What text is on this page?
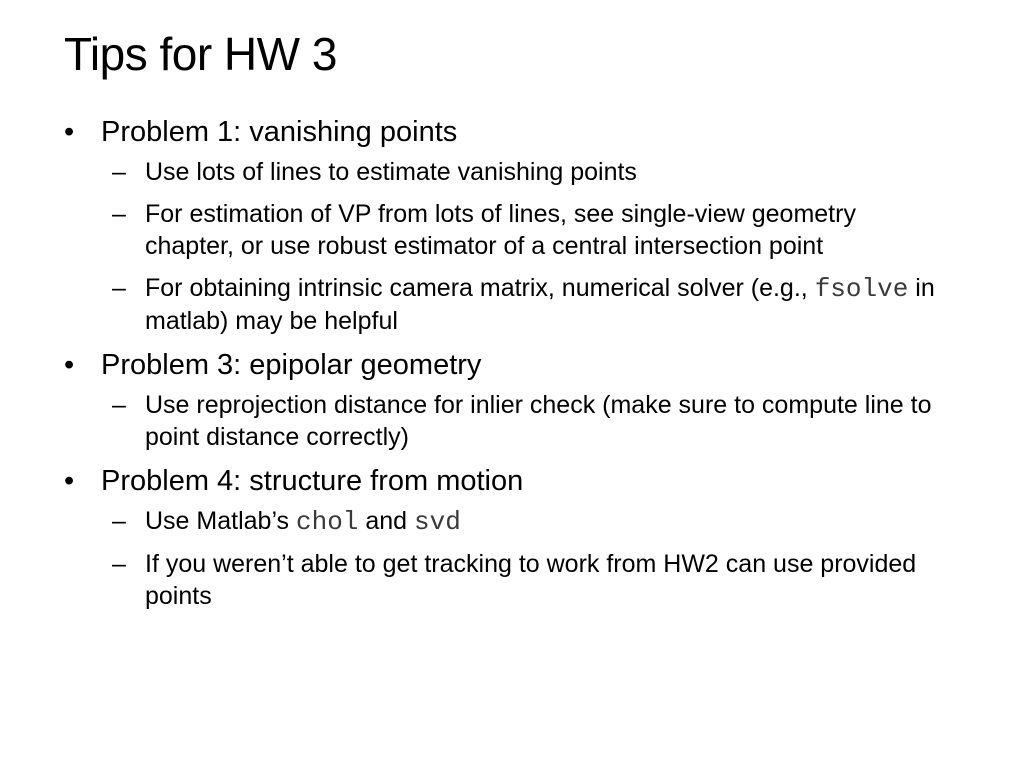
Tips for HW 3
• Problem 1: vanishing points
– Use lots of lines to estimate vanishing points
– For estimation of VP from lots of lines, see single-view geometry chapter, or use robust estimator of a central intersection point
– For obtaining intrinsic camera matrix, numerical solver (e.g., fsolve in matlab) may be helpful
• Problem 3: epipolar geometry
– Use reprojection distance for inlier check (make sure to compute line to point distance correctly)
• Problem 4: structure from motion
– Use Matlab’s chol and svd
– If you weren’t able to get tracking to work from HW2 can use provided points
